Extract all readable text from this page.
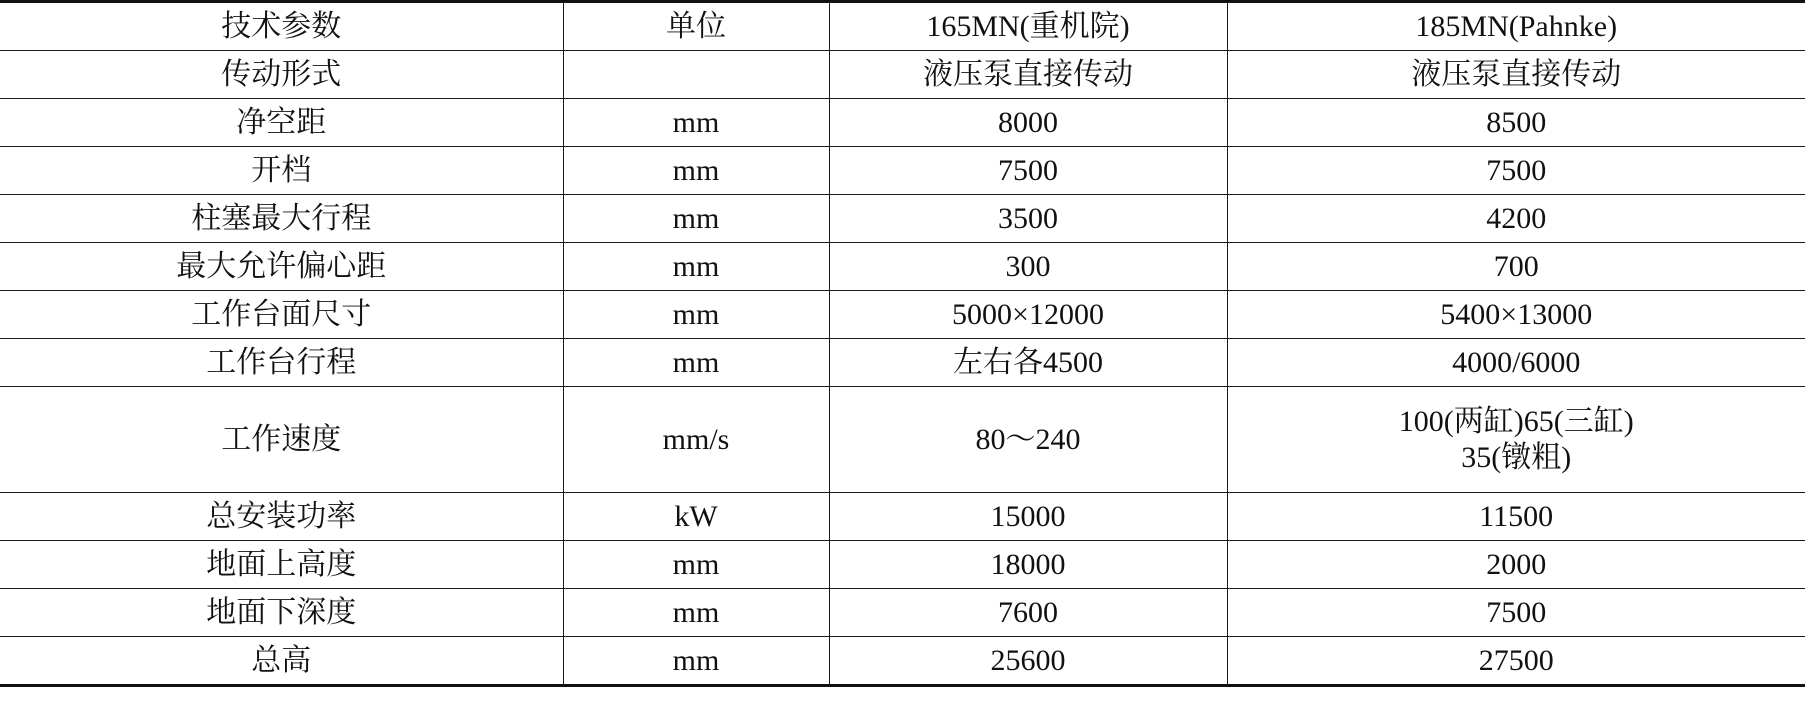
技术参数	单位	165MN(重机院)	185MN(Pahnke)
传动形式		液压泵直接传动	液压泵直接传动
净空距	mm	8000	8500
开档	mm	7500	7500
柱塞最大行程	mm	3500	4200
最大允许偏心距	mm	300	700
工作台面尺寸	mm	5000×12000	5400×13000
工作台行程	mm	左右各4500	4000/6000
工作速度	mm/s	80～240	100(两缸)65(三缸)
35(镦粗)

总安装功率	kW	15000	11500
地面上高度	mm	18000	2000
地面下深度	mm	7600	7500
总高	mm	25600	27500
